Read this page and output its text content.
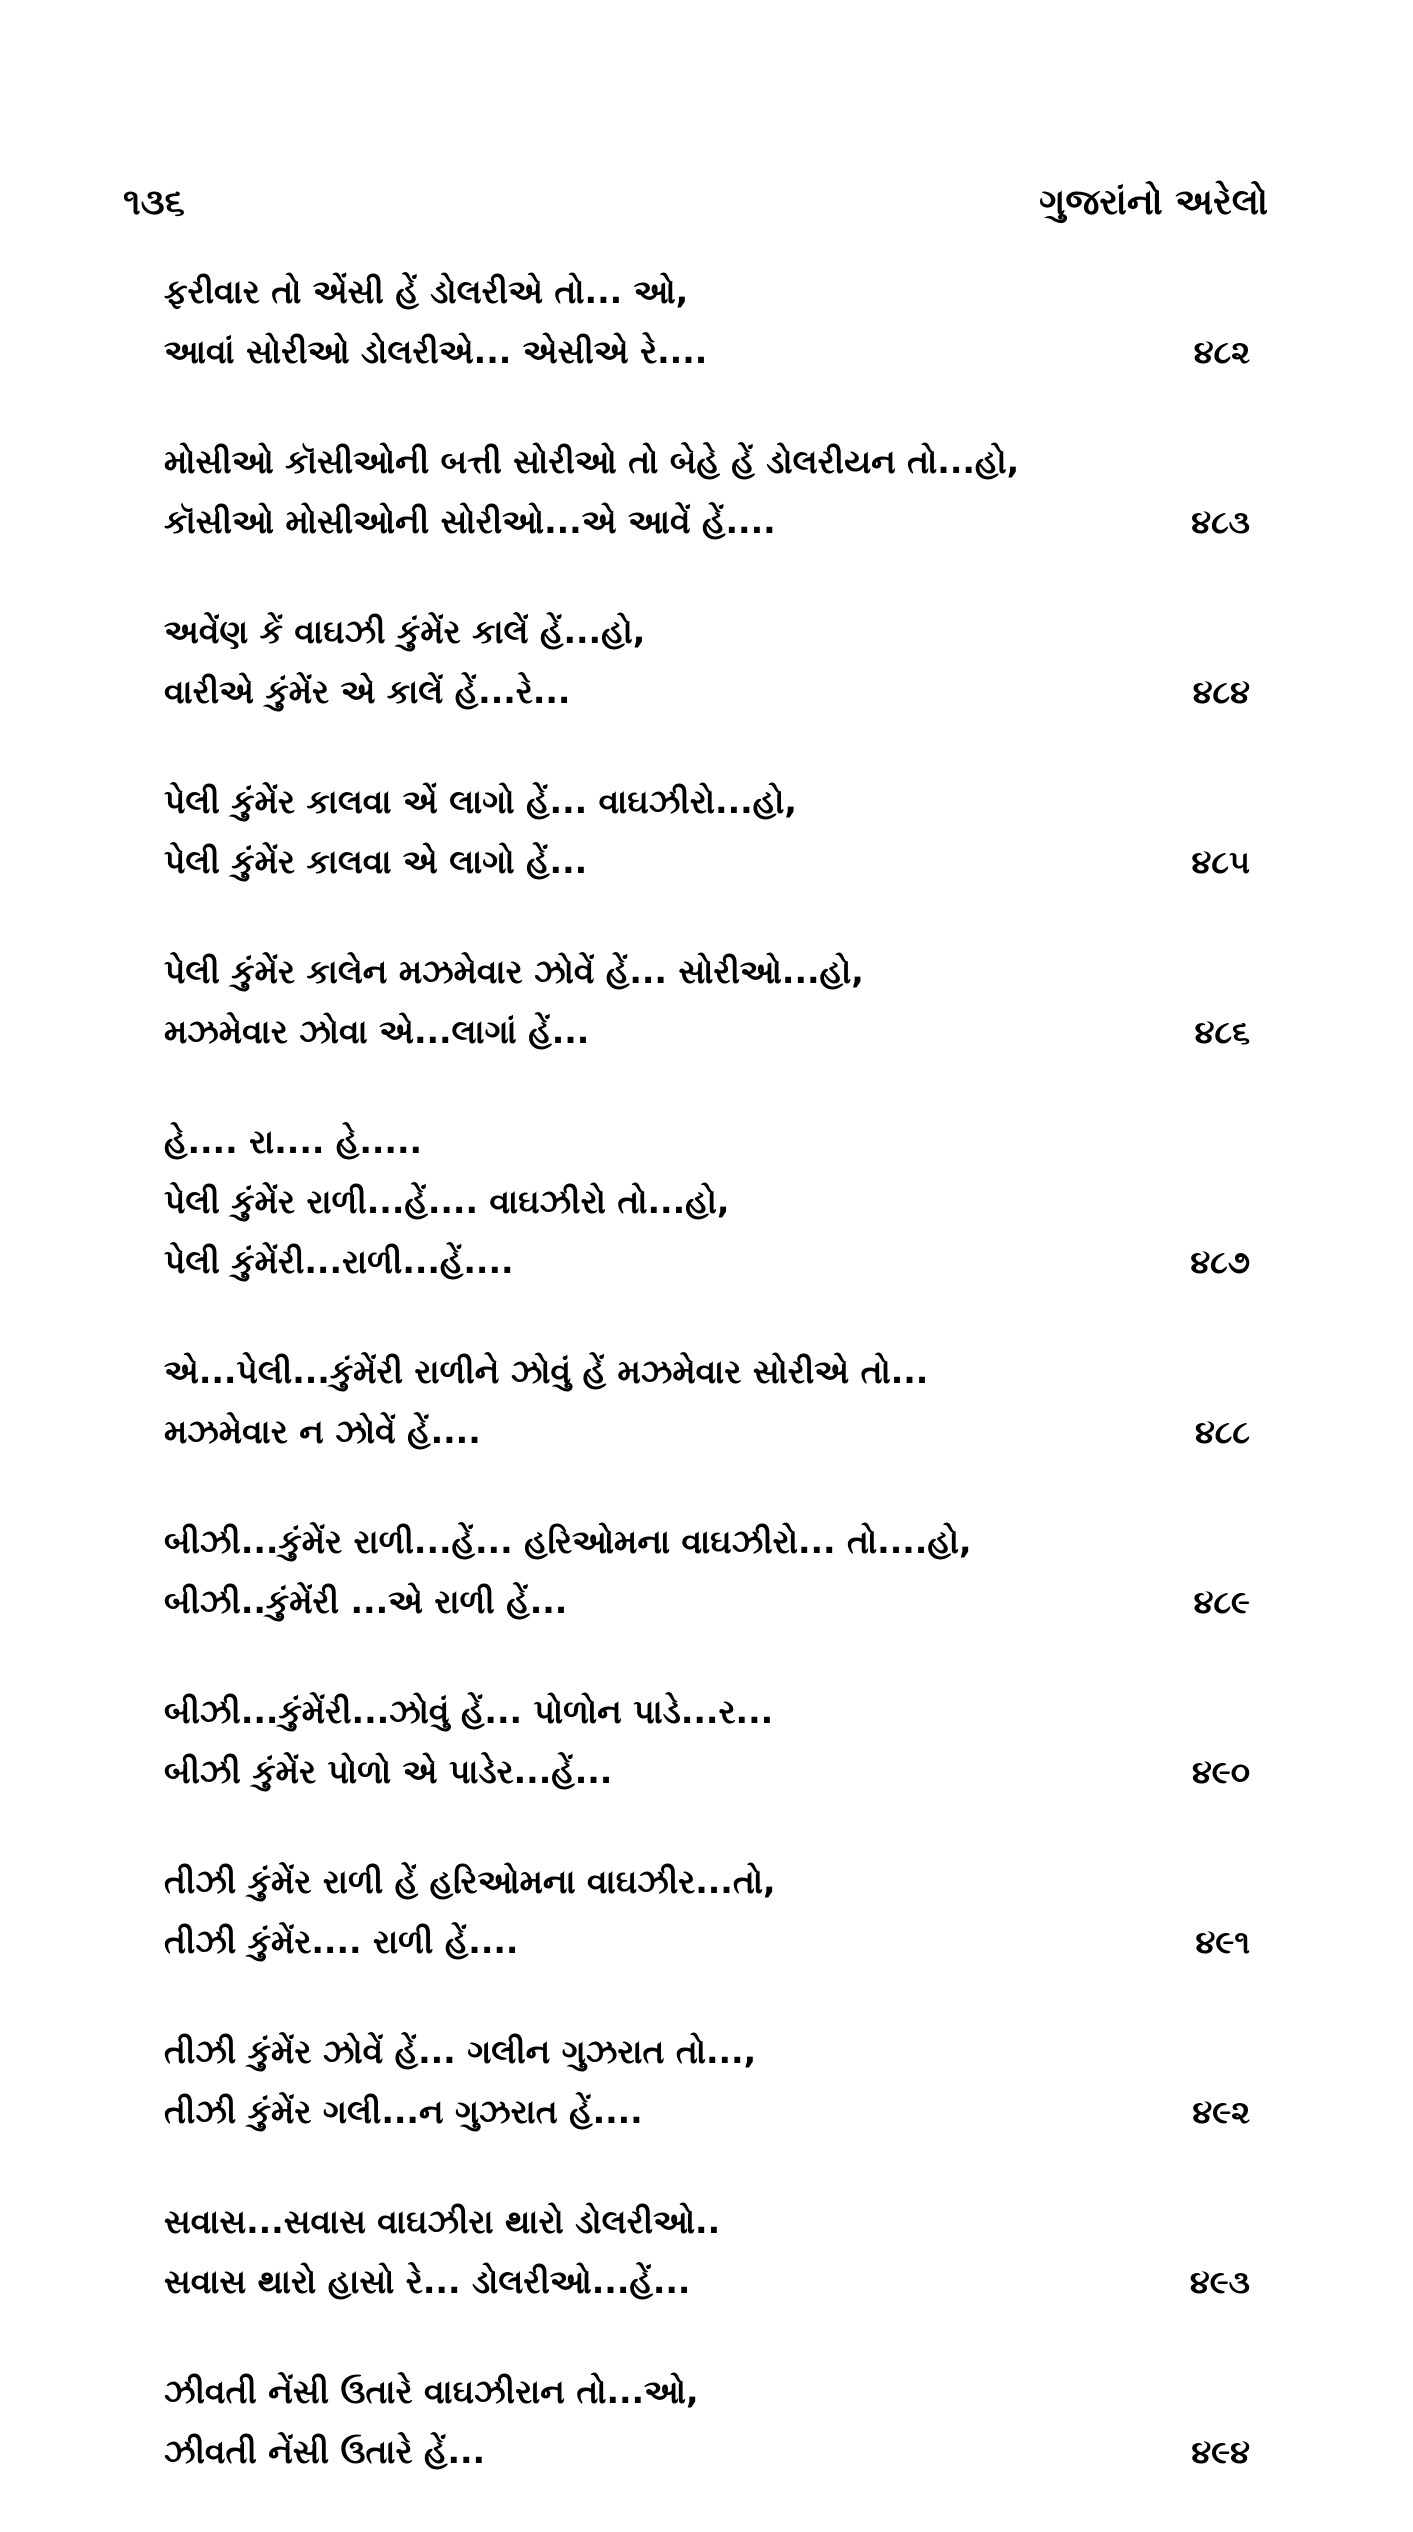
૧૩૬	ગુજરાંનો અરેલો
ફરીવાર તો એંસી હેં ડોલરીએ તો... ઓ,
આવાં સોરીઓ ડોલરીએ... એસીએ રે....	૪૮૨
મોસીઓ કૉસીઓની બત્તી સોરીઓ તો બેહે હેં ડોલરીયન તો...હો,
કૉસીઓ મોસીઓની સોરીઓ...એ આવેં હેં....	૪૮૩
અવેંણ કેં વાઘઝી કુંમેંર કાલેં હેં...હો,
વારીએ કુંમેંર એ કાલેં હેં...રે...	૪૮૪
પેલી કુંમેંર કાલવા એં લાગો હેં... વાઘઝીરો...હો,
પેલી કુંમેંર કાલવા એ લાગો હેં...	૪૮૫
પેલી કુંમેંર કાલેન મઝમેવાર ઝોવેં હેં... સોરીઓ...હો,
મઝમેવાર ઝોવા એ...લાગાં હેં...	૪૮૬
હે.... રા.... હે.....
પેલી કુંમેંર રાળી...હેં.... વાઘઝીરો તો...હો,
પેલી કુંમેંરી...રાળી...હેં....	૪૮૭
એ...પેલી...કુંમેંરી રાળીને ઝોવું હેં મઝમેવાર સોરીએ તો...
મઝમેવાર ન ઝોવેં હેં....	૪૮૮
બીઝી...કુંમેંર રાળી...હેં... હરિઓમના વાઘઝીરો... તો....હો,
બીઝી..કુંમેંરી ...એ રાળી હેં...	૪૮૯
બીઝી...કુંમેંરી...ઝોવું હેં... પોળોન પાડે...ર...
બીઝી કુંમેંર પોળો એ પાડેર...હેં...	૪૯૦
તીઝી કુંમેંર રાળી હેં હરિઓમના વાઘઝીર...તો,
તીઝી કુંમેંર.... રાળી હેં....	૪૯૧
તીઝી કુંમેંર ઝોવેં હેં... ગલીન ગુઝરાત તો...,
તીઝી કુંમેંર ગલી...ન ગુઝરાત હેં....	૪૯૨
સવાસ...સવાસ વાઘઝીરા થારો ડોલરીઓ..
સવાસ થારો હાસો રે... ડોલરીઓ...હેં...	૪૯૩
ઝીવતી નેંસી ઉતારે વાઘઝીરાન તો...ઓ,
ઝીવતી નેંસી ઉતારે હેં...	૪૯૪
